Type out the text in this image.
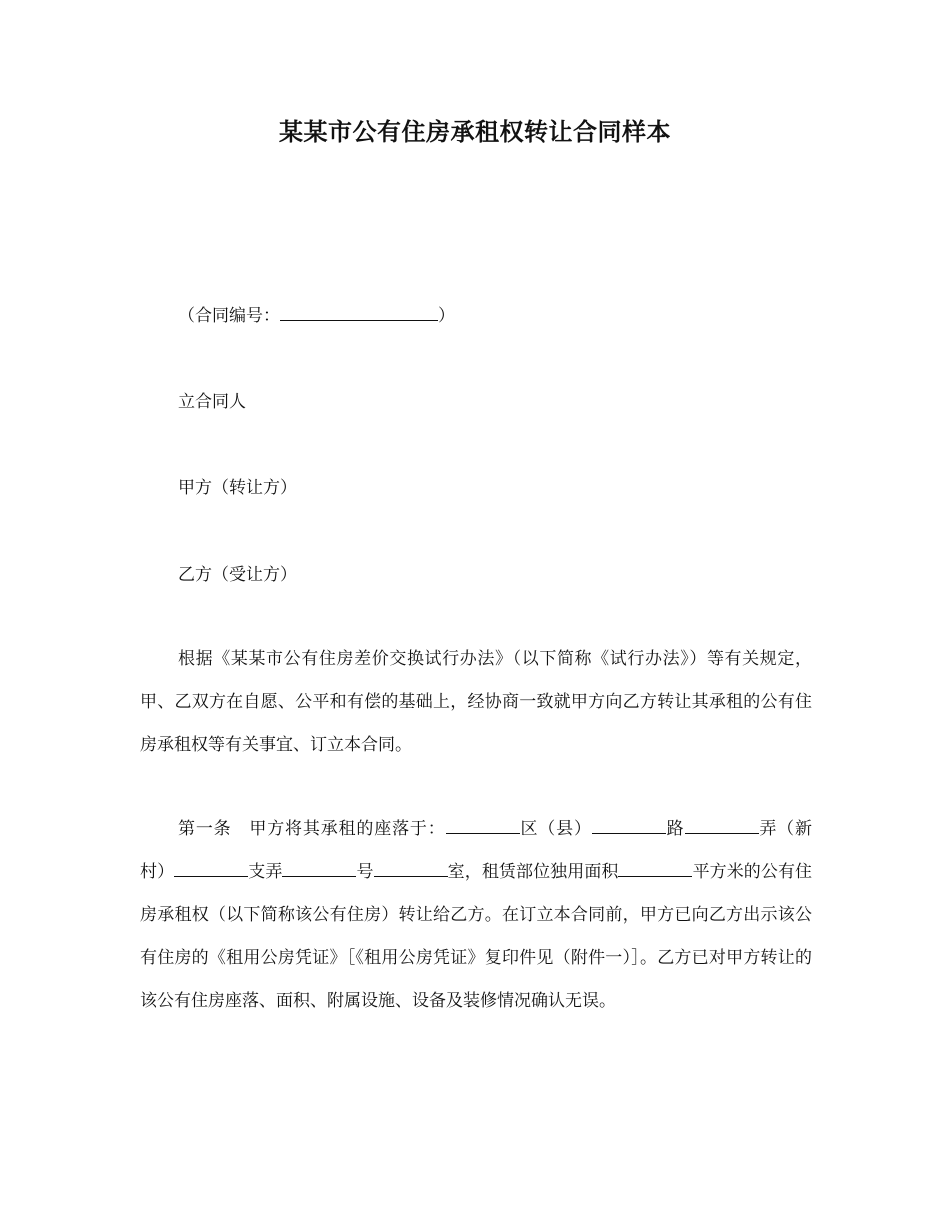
某某市公有住房承租权转让合同样本
（合同编号：	）
立合同人
甲方（转让方）
乙方（受让方）
根据《某某市公有住房差价交换试行办法》（以下简称《试行办法》）等有关规定，甲、乙双方在自愿、公平和有偿的基础上，经协商一致就甲方向乙方转让其承租的公有住房承租权等有关事宜、订立本合同。
第一条　甲方将其承租的座落于：	区（县）	路	弄（新村）	支弄	号	室，租赁部位独用面积	平方米的公有住房承租权（以下简称该公有住房）转让给乙方。在订立本合同前，甲方已向乙方出示该公有住房的《租用公房凭证》［《租用公房凭证》复印件见（附件一）］。乙方已对甲方转让的该公有住房座落、面积、附属设施、设备及装修情况确认无误。
